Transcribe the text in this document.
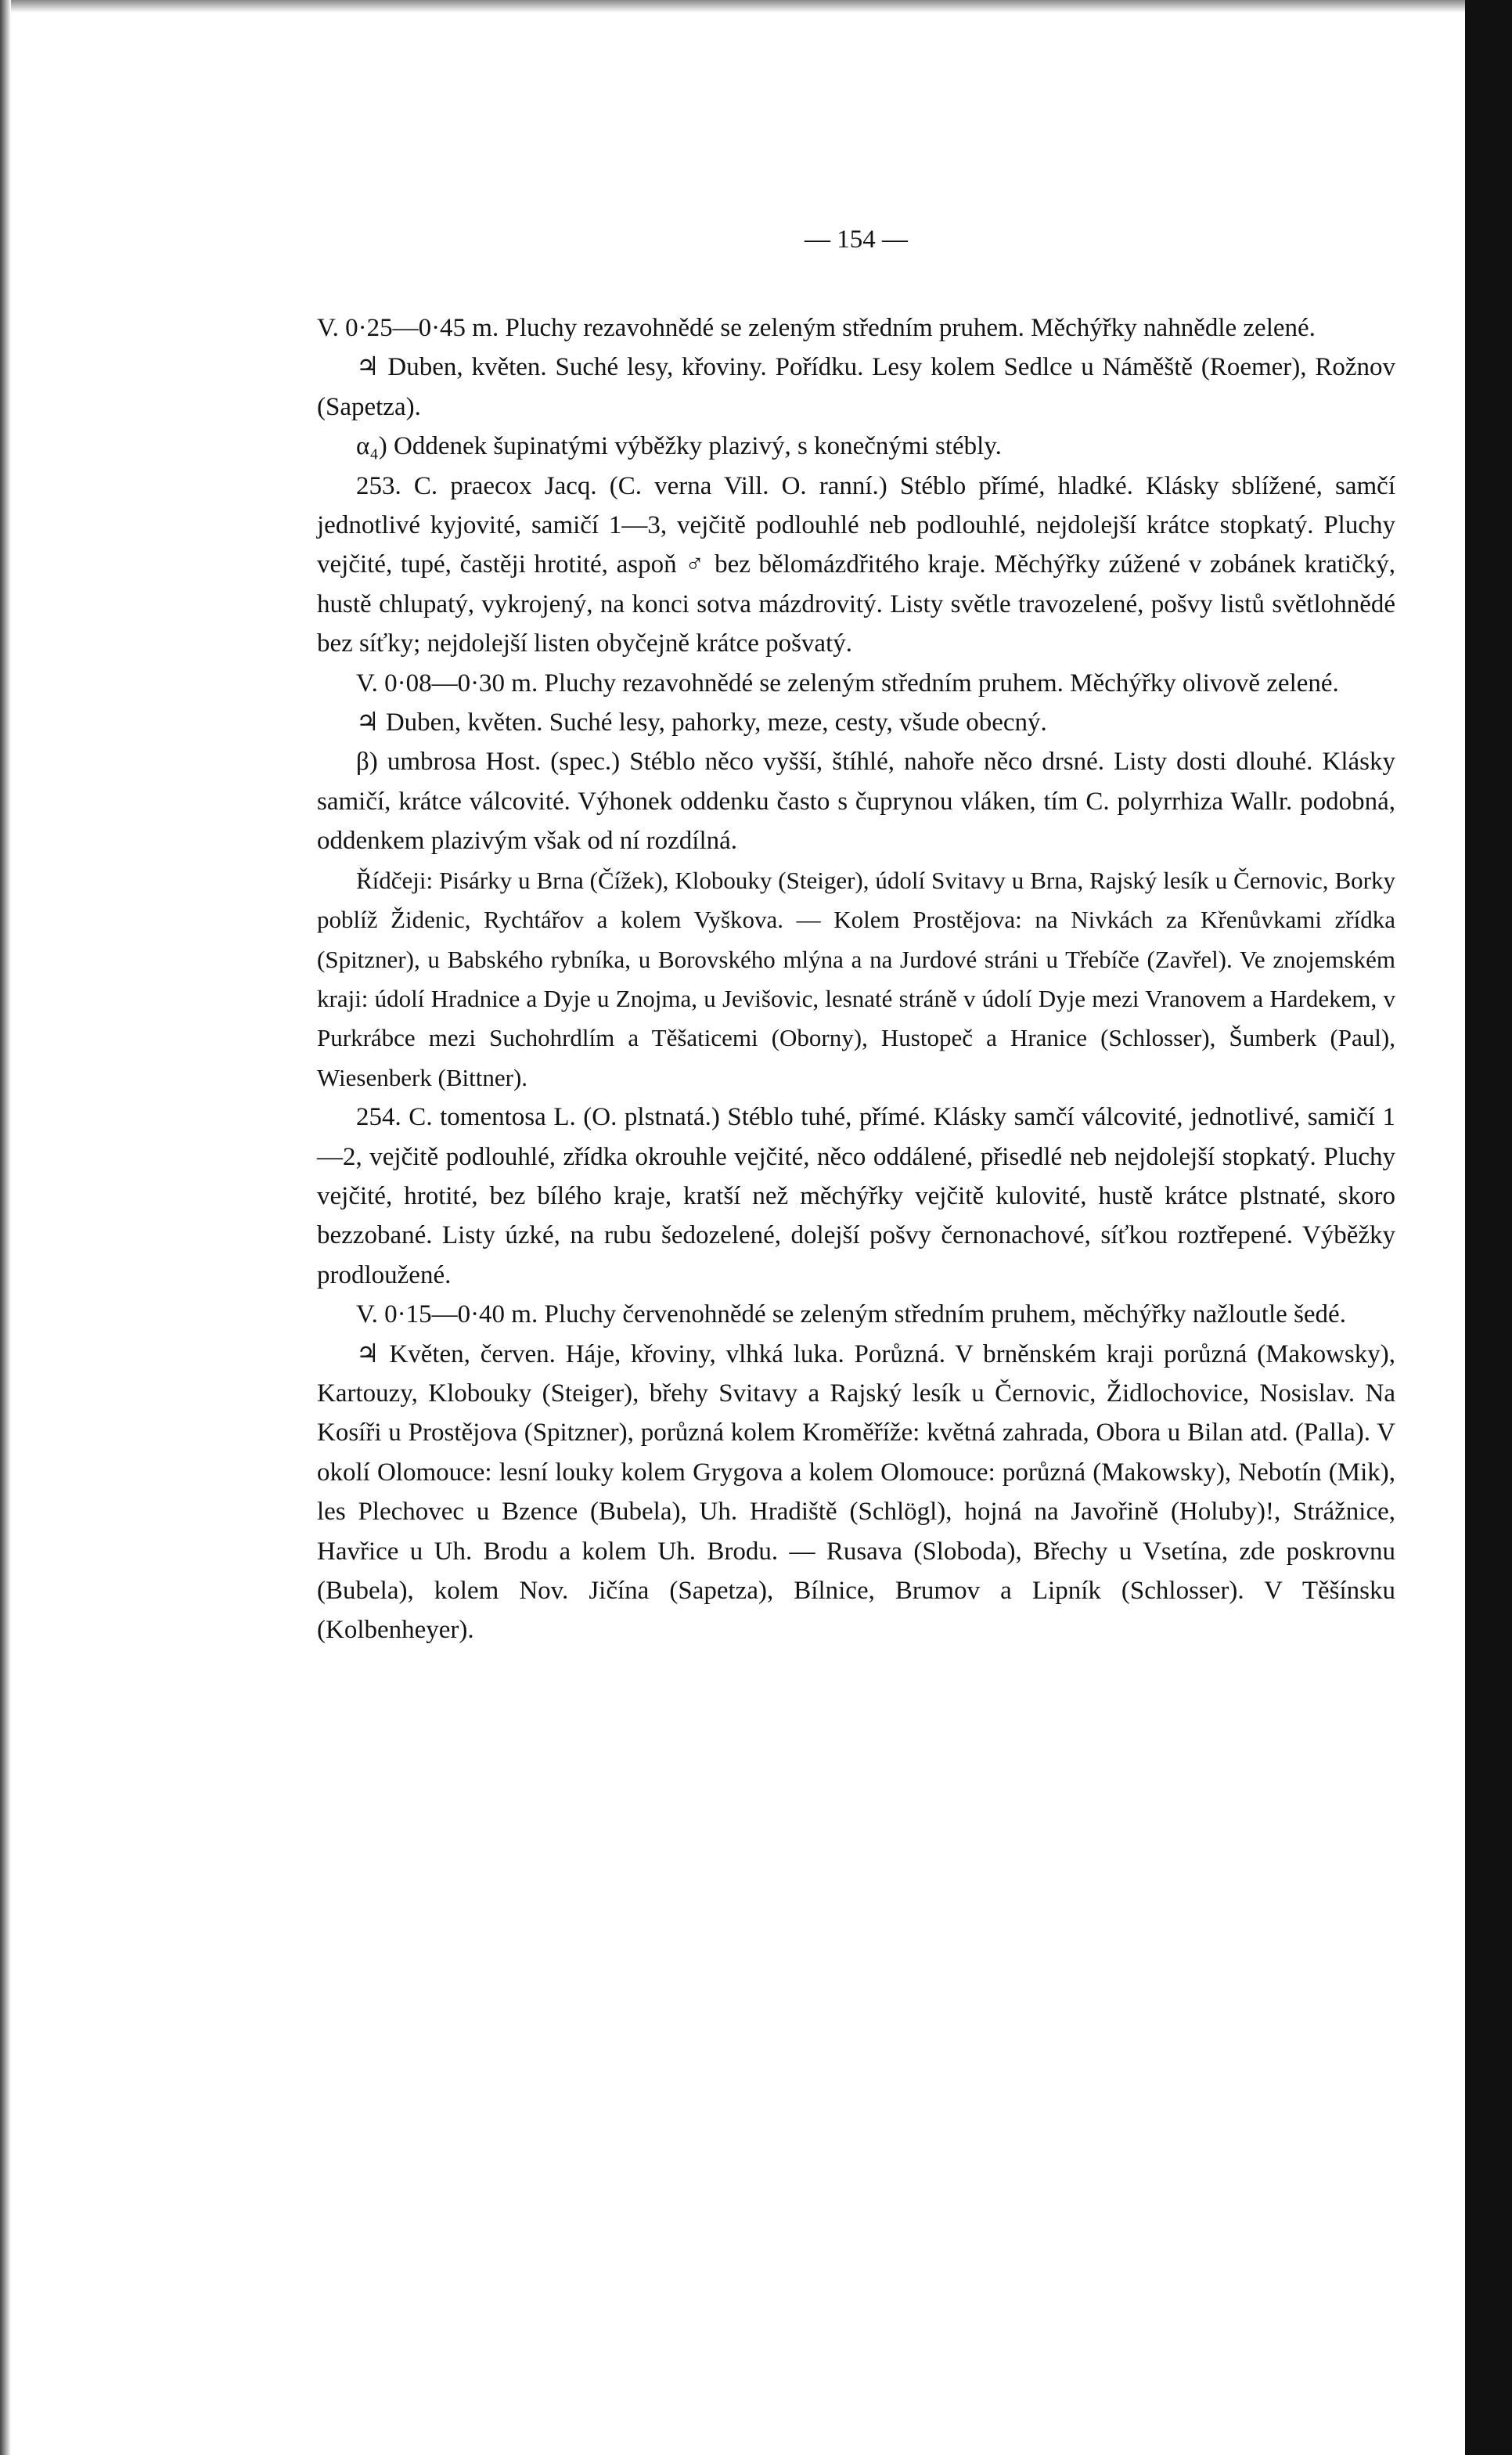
— 154 —

V. 0·25—0·45 m. Pluchy rezavohnědé se zeleným středním pruhem. Měchýřky nahnědle zelené.

♃ Duben, květen. Suché lesy, křoviny. Pořídku. Lesy kolem Sedlce u Náměště (Roemer), Rožnov (Sapetza).

α₄) Oddenek šupinatými výběžky plazivý, s konečnými stébly.

253. C. praecox Jacq. (C. verna Vill. O. ranní.) Stéblo přímé, hladké. Klásky sblížené, samčí jednotlivé kyjovité, samičí 1—3, vejčitě podlouhlé neb podlouhlé, nejdolejší krátce stopkatý. Pluchy vejčité, tupé, častěji hrotité, aspoň ♂ bez bělomázdřitého kraje. Měchýřky zúžené v zobánek kratičký, hustě chlupatý, vykrojený, na konci sotva mázdrovitý. Listy světle travozelené, pošvy listů světlohnědé bez síťky; nejdolejší listen obyčejně krátce pošvatý.

V. 0·08—0·30 m. Pluchy rezavohnědé se zeleným středním pruhem. Měchýřky olivově zelené.

♃ Duben, květen. Suché lesy, pahorky, meze, cesty, všude obecný.

β) umbrosa Host. (spec.) Stéblo něco vyšší, štíhlé, nahoře něco drsné. Listy dosti dlouhé. Klásky samičí, krátce válcovité. Výhonek oddenku často s čuprynou vláken, tím C. polyrrhiza Wallr. podobná, oddenkem plazivým však od ní rozdílná.

Řídčeji: Pisárky u Brna (Čížek), Klobouky (Steiger), údolí Svitavy u Brna, Rajský lesík u Černovic, Borky poblíž Židenic, Rychtářov a kolem Vyškova. — Kolem Prostějova: na Nivkách za Křenůvkami zřídka (Spitzner), u Babského rybníka, u Borovského mlýna a na Jurdové stráni u Třebíče (Zavřel). Ve znojemském kraji: údolí Hradnice a Dyje u Znojma, u Jevišovic, lesnaté stráně v údolí Dyje mezi Vranovem a Hardekem, v Purkrábce mezi Suchohrdlím a Těšaticemi (Oborny), Hustopeč a Hranice (Schlosser), Šumberk (Paul), Wiesenberk (Bittner).

254. C. tomentosa L. (O. plstnatá.) Stéblo tuhé, přímé. Klásky samčí válcovité, jednotlivé, samičí 1—2, vejčitě podlouhlé, zřídka okrouhle vejčité, něco oddálené, přisedlé neb nejdolejší stopkatý. Pluchy vejčité, hrotité, bez bílého kraje, kratší než měchýřky vejčitě kulovité, hustě krátce plstnaté, skoro bezzobané. Listy úzké, na rubu šedozelené, dolejší pošvy černonachové, síťkou roztřepené. Výběžky prodloužené.

V. 0·15—0·40 m. Pluchy červenohnědé se zeleným středním pruhem, měchýřky nažloutle šedé.

♃ Květen, červen. Háje, křoviny, vlhká luka. Porůzná. V brněnském kraji porůzná (Makowsky), Kartouzy, Klobouky (Steiger), břehy Svitavy a Rajský lesík u Černovic, Židlochovice, Nosislav. Na Kosíři u Prostějova (Spitzner), porůzná kolem Kroměříže: květná zahrada, Obora u Bilan atd. (Palla). V okolí Olomouce: lesní louky kolem Grygova a kolem Olomouce: porůzná (Makowsky), Nebotín (Mik), les Plechovec u Bzence (Bubela), Uh. Hradiště (Schlögl), hojná na Javořině (Holuby)!, Strážnice, Havřice u Uh. Brodu a kolem Uh. Brodu. — Rusava (Sloboda), Břechy u Vsetína, zde poskrovnu (Bubela), kolem Nov. Jičína (Sapetza), Bílnice, Brumov a Lipník (Schlosser). V Těšínsku (Kolbenheyer).
